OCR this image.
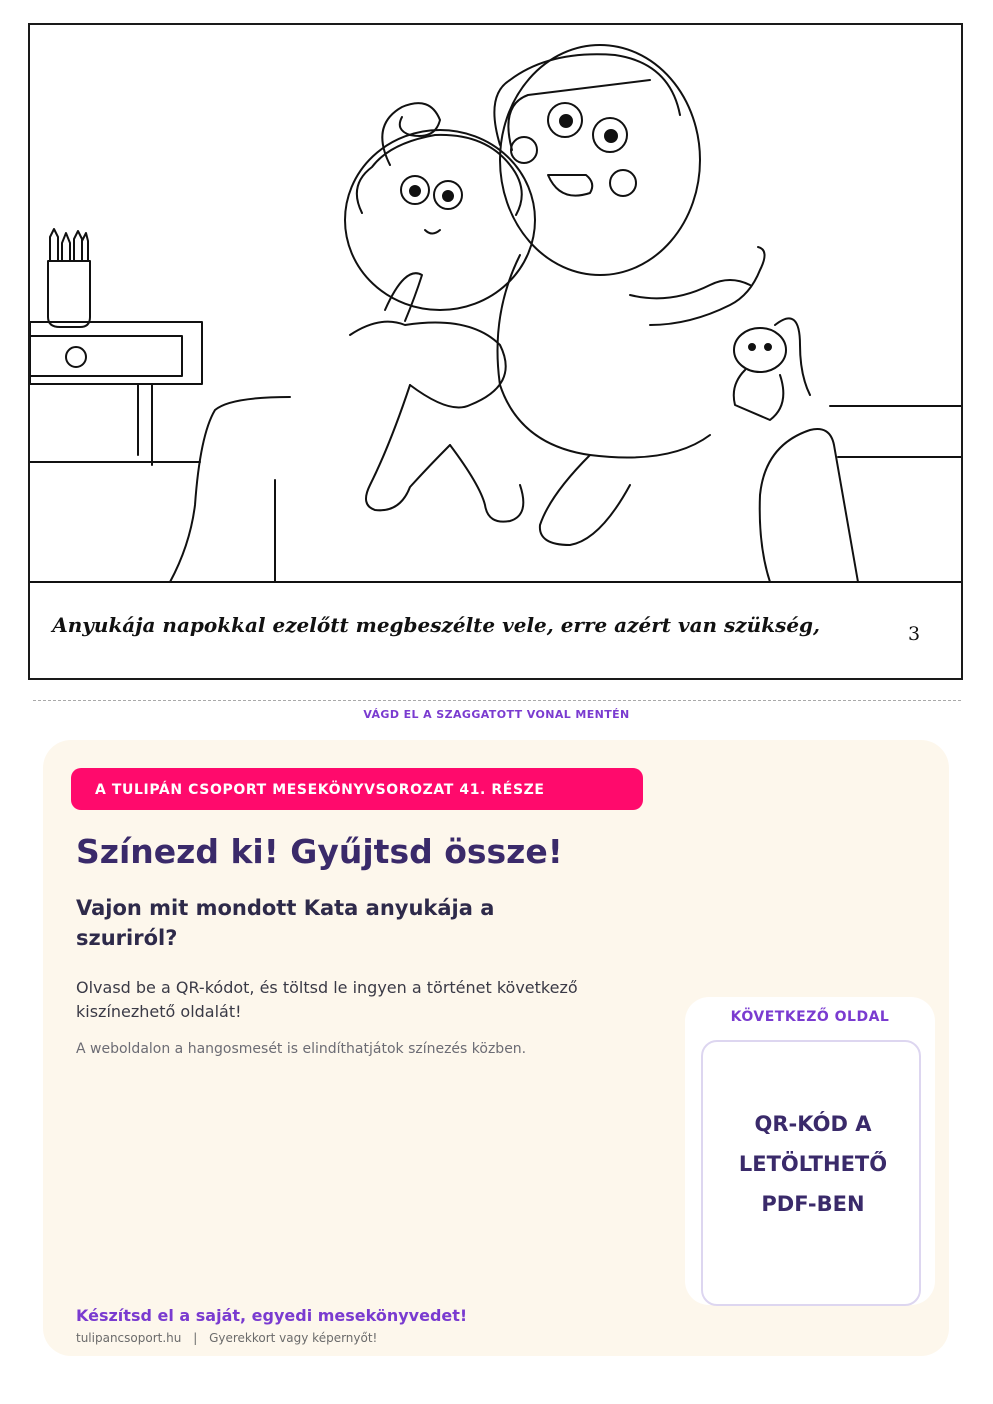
Anyukája napokkal ezelőtt megbeszélte vele, erre azért van szükség,	3
VÁGD EL A SZAGGATOTT VONAL MENTÉN
A TULIPÁN CSOPORT MESEKÖNYVSOROZAT 41. RÉSZE
Színezd ki! Gyűjtsd össze!
Vajon mit mondott Kata anyukája a szuriról?
Olvasd be a QR-kódot, és töltsd le ingyen a történet következő kiszínezhető oldalát!
A weboldalon a hangosmesét is elindíthatjátok színezés közben.
KÖVETKEZŐ OLDAL
QR-KÓD A LETÖLTHETŐ PDF-BEN
Készítsd el a saját, egyedi mesekönyvedet!
tulipancsoport.hu | Gyerekkort vagy képernyőt!
